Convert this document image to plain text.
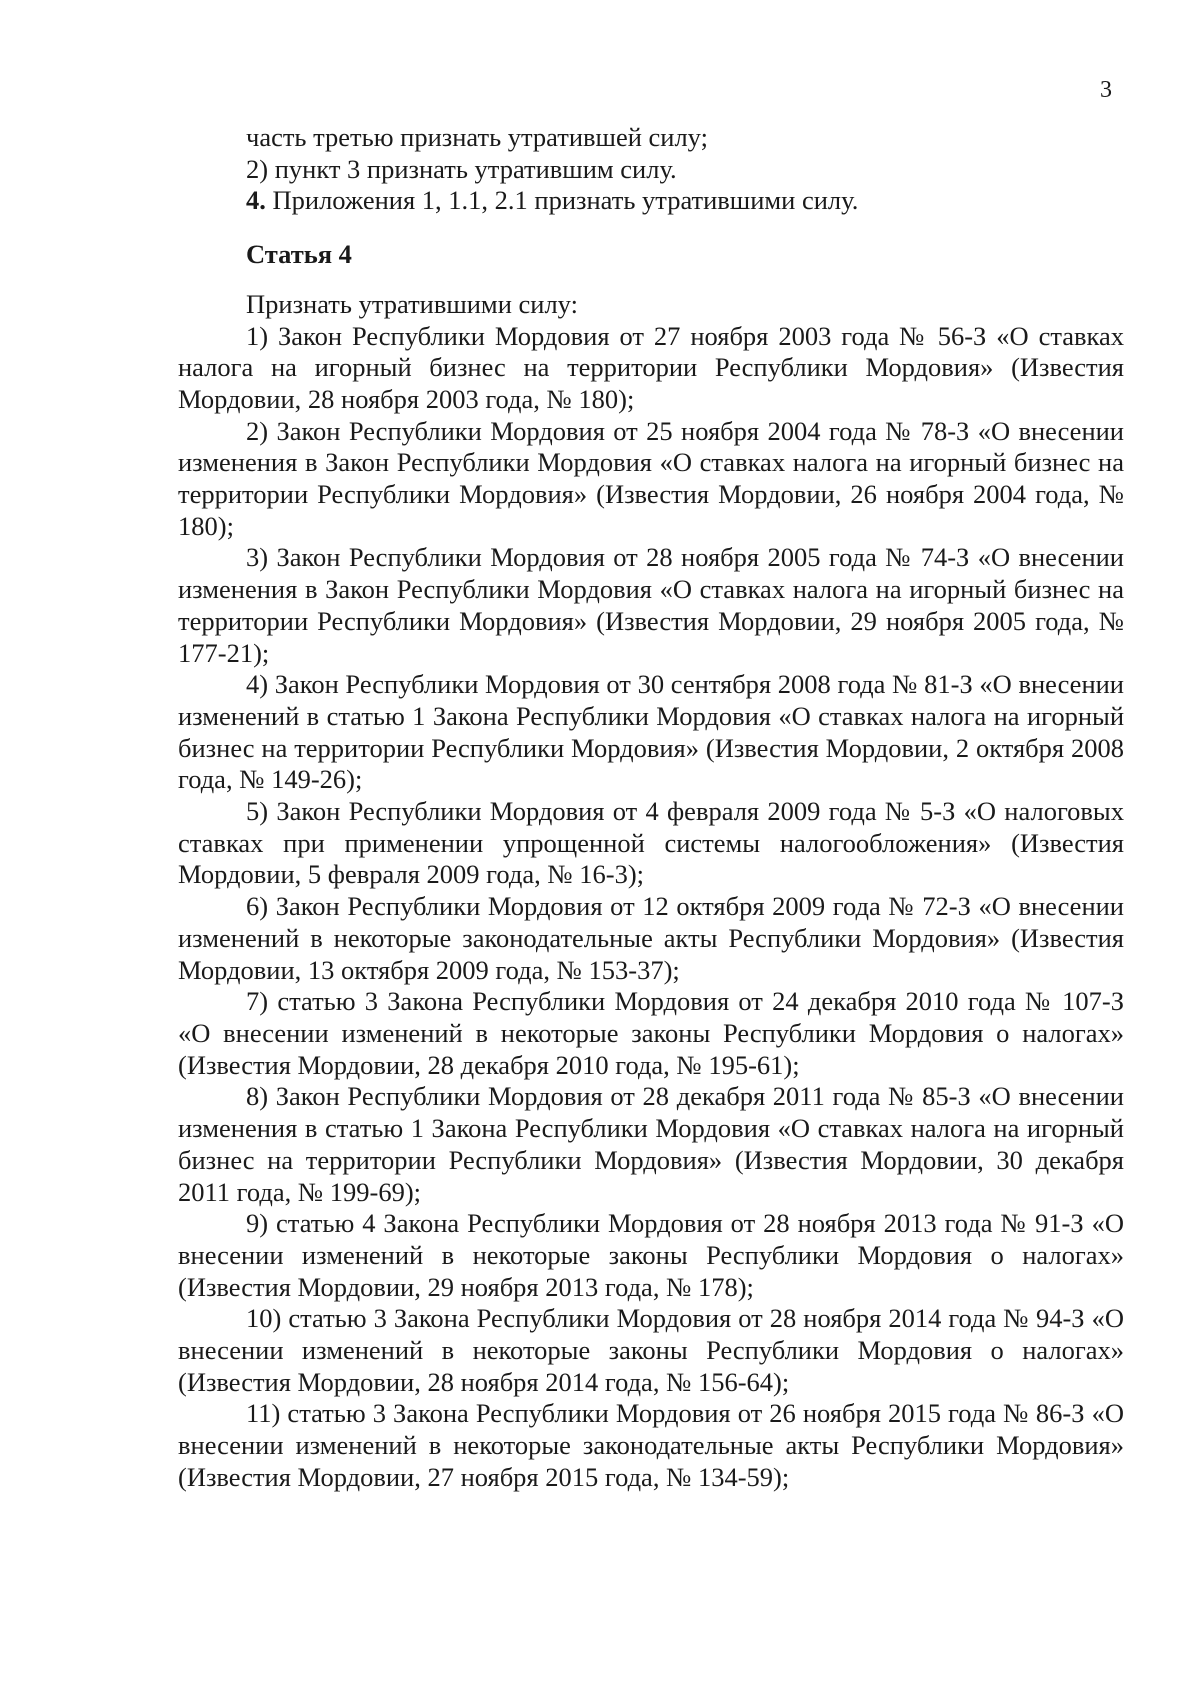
3

часть третью признать утратившей силу;

2) пункт 3 признать утратившим силу.

4. Приложения 1, 1.1, 2.1 признать утратившими силу.

Статья 4

Признать утратившими силу:

1) Закон Республики Мордовия от 27 ноября 2003 года № 56-З «О ставках налога на игорный бизнес на территории Республики Мордовия» (Известия Мордовии, 28 ноября 2003 года, № 180);

2) Закон Республики Мордовия от 25 ноября 2004 года № 78-З «О внесении изменения в Закон Республики Мордовия «О ставках налога на игорный бизнес на территории Республики Мордовия» (Известия Мордовии, 26 ноября 2004 года, № 180);

3) Закон Республики Мордовия от 28 ноября 2005 года № 74-З «О внесении изменения в Закон Республики Мордовия «О ставках налога на игорный бизнес на территории Республики Мордовия» (Известия Мордовии, 29 ноября 2005 года, № 177-21);

4) Закон Республики Мордовия от 30 сентября 2008 года № 81-З «О внесении изменений в статью 1 Закона Республики Мордовия «О ставках налога на игорный бизнес на территории Республики Мордовия» (Известия Мордовии, 2 октября 2008 года, № 149-26);

5) Закон Республики Мордовия от 4 февраля 2009 года № 5-З «О налоговых ставках при применении упрощенной системы налогообложения» (Известия Мордовии, 5 февраля 2009 года, № 16-3);

6) Закон Республики Мордовия от 12 октября 2009 года № 72-З «О внесении изменений в некоторые законодательные акты Республики Мордовия» (Известия Мордовии, 13 октября 2009 года, № 153-37);

7) статью 3 Закона Республики Мордовия от 24 декабря 2010 года № 107-З «О внесении изменений в некоторые законы Республики Мордовия о налогах» (Известия Мордовии, 28 декабря 2010 года, № 195-61);

8) Закон Республики Мордовия от 28 декабря 2011 года № 85-З «О внесении изменения в статью 1 Закона Республики Мордовия «О ставках налога на игорный бизнес на территории Республики Мордовия» (Известия Мордовии, 30 декабря 2011 года, № 199-69);

9) статью 4 Закона Республики Мордовия от 28 ноября 2013 года № 91-З «О внесении изменений в некоторые законы Республики Мордовия о налогах» (Известия Мордовии, 29 ноября 2013 года, № 178);

10) статью 3 Закона Республики Мордовия от 28 ноября 2014 года № 94-З «О внесении изменений в некоторые законы Республики Мордовия о налогах» (Известия Мордовии, 28 ноября 2014 года, № 156-64);

11) статью 3 Закона Республики Мордовия от 26 ноября 2015 года № 86-З «О внесении изменений в некоторые законодательные акты Республики Мордовия» (Известия Мордовии, 27 ноября 2015 года, № 134-59);
